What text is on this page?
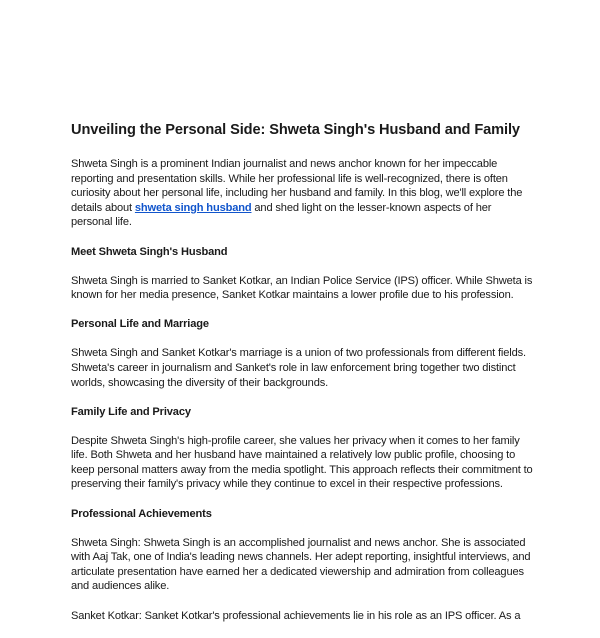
Unveiling the Personal Side: Shweta Singh's Husband and Family

Shweta Singh is a prominent Indian journalist and news anchor known for her impeccable reporting and presentation skills. While her professional life is well-recognized, there is often curiosity about her personal life, including her husband and family. In this blog, we'll explore the details about shweta singh husband and shed light on the lesser-known aspects of her personal life.

Meet Shweta Singh's Husband

Shweta Singh is married to Sanket Kotkar, an Indian Police Service (IPS) officer. While Shweta is known for her media presence, Sanket Kotkar maintains a lower profile due to his profession.

Personal Life and Marriage

Shweta Singh and Sanket Kotkar's marriage is a union of two professionals from different fields. Shweta's career in journalism and Sanket's role in law enforcement bring together two distinct worlds, showcasing the diversity of their backgrounds.

Family Life and Privacy

Despite Shweta Singh's high-profile career, she values her privacy when it comes to her family life. Both Shweta and her husband have maintained a relatively low public profile, choosing to keep personal matters away from the media spotlight. This approach reflects their commitment to preserving their family's privacy while they continue to excel in their respective professions.

Professional Achievements

Shweta Singh: Shweta Singh is an accomplished journalist and news anchor. She is associated with Aaj Tak, one of India's leading news channels. Her adept reporting, insightful interviews, and articulate presentation have earned her a dedicated viewership and admiration from colleagues and audiences alike.

Sanket Kotkar: Sanket Kotkar's professional achievements lie in his role as an IPS officer. As a
